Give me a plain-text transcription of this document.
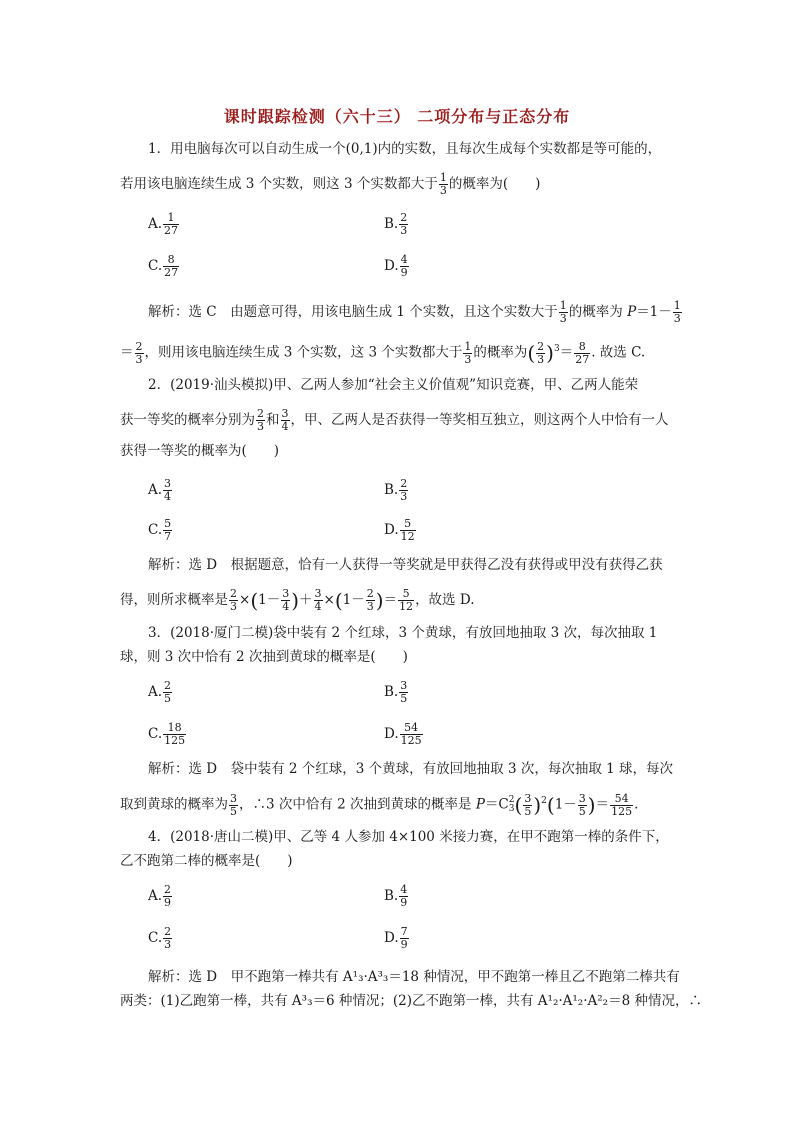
课时跟踪检测（六十三） 二项分布与正态分布
1．用电脑每次可以自动生成一个(0,1)内的实数，且每次生成每个实数都是等可能的，
若用该电脑连续生成 3 个实数，则这 3 个实数都大于 $\frac{1}{3}$ 的概率为(　　)
A. $\frac{1}{27}$	B. $\frac{2}{3}$
C. $\frac{8}{27}$	D. $\frac{4}{9}$
解析：选 C　由题意可得，用该电脑生成 1 个实数，且这个实数大于 $\frac{1}{3}$ 的概率为 $P=1- \frac{1}{3}$
＝ $\frac{2}{3}$ ，则用该电脑连续生成 3 个实数，这 3 个实数都大于 $\frac{1}{3}$ 的概率为( $\frac{2}{3} )^3= \frac{8}{27}$ . 故选 C.
2．(2019·汕头模拟)甲、乙两人参加“社会主义价值观”知识竞赛，甲、乙两人能荣
获一等奖的概率分别为 $\frac{2}{3}$ 和 $\frac{3}{4}$ ，甲、乙两人是否获得一等奖相互独立，则这两个人中恰有一人
获得一等奖的概率为(　　)
A. $\frac{3}{4}$	B. $\frac{2}{3}$
C. $\frac{5}{7}$	D. $\frac{5}{12}$
解析：选 D　根据题意，恰有一人获得一等奖就是甲获得乙没有获得或甲没有获得乙获
得，则所求概率是 $\frac{2}{3} \times(1- \frac{3}{4}$ )＋ $\frac{3}{4} \times(1- \frac{2}{3}$ )＝ $\frac{5}{12}$ ，故选 D.
3．(2018·厦门二模)袋中装有 2 个红球，3 个黄球，有放回地抽取 3 次，每次抽取 1
球，则 3 次中恰有 2 次抽到黄球的概率是(　　)
A. $\frac{2}{5}$	B. $\frac{3}{5}$
C. $\frac{18}{125}$	D. $\frac{54}{125}$
解析：选 D　袋中装有 2 个红球，3 个黄球，有放回地抽取 3 次，每次抽取 1 球，每次
取到黄球的概率为 $\frac{3}{5}$ ，∴3 次中恰有 2 次抽到黄球的概率是 P＝C 2
3 ( $\frac{3}{5} )^2(1- \frac{3}{5}$ )＝ $\frac{54}{125}$ .
4．(2018·唐山二模)甲、乙等 4 人参加 4×100 米接力赛，在甲不跑第一棒的条件下，
乙不跑第二棒的概率是(　　)
A. $\frac{2}{9}$	B. $\frac{4}{9}$
C. $\frac{2}{3}$	D. $\frac{7}{9}$
解析：选 D　甲不跑第一棒共有 A¹₃·A³₃＝18 种情况，甲不跑第一棒且乙不跑第二棒共有
两类：(1)乙跑第一棒，共有 A³₃＝6 种情况；(2)乙不跑第一棒，共有 A¹₂·A¹₂·A²₂＝8 种情况，∴
